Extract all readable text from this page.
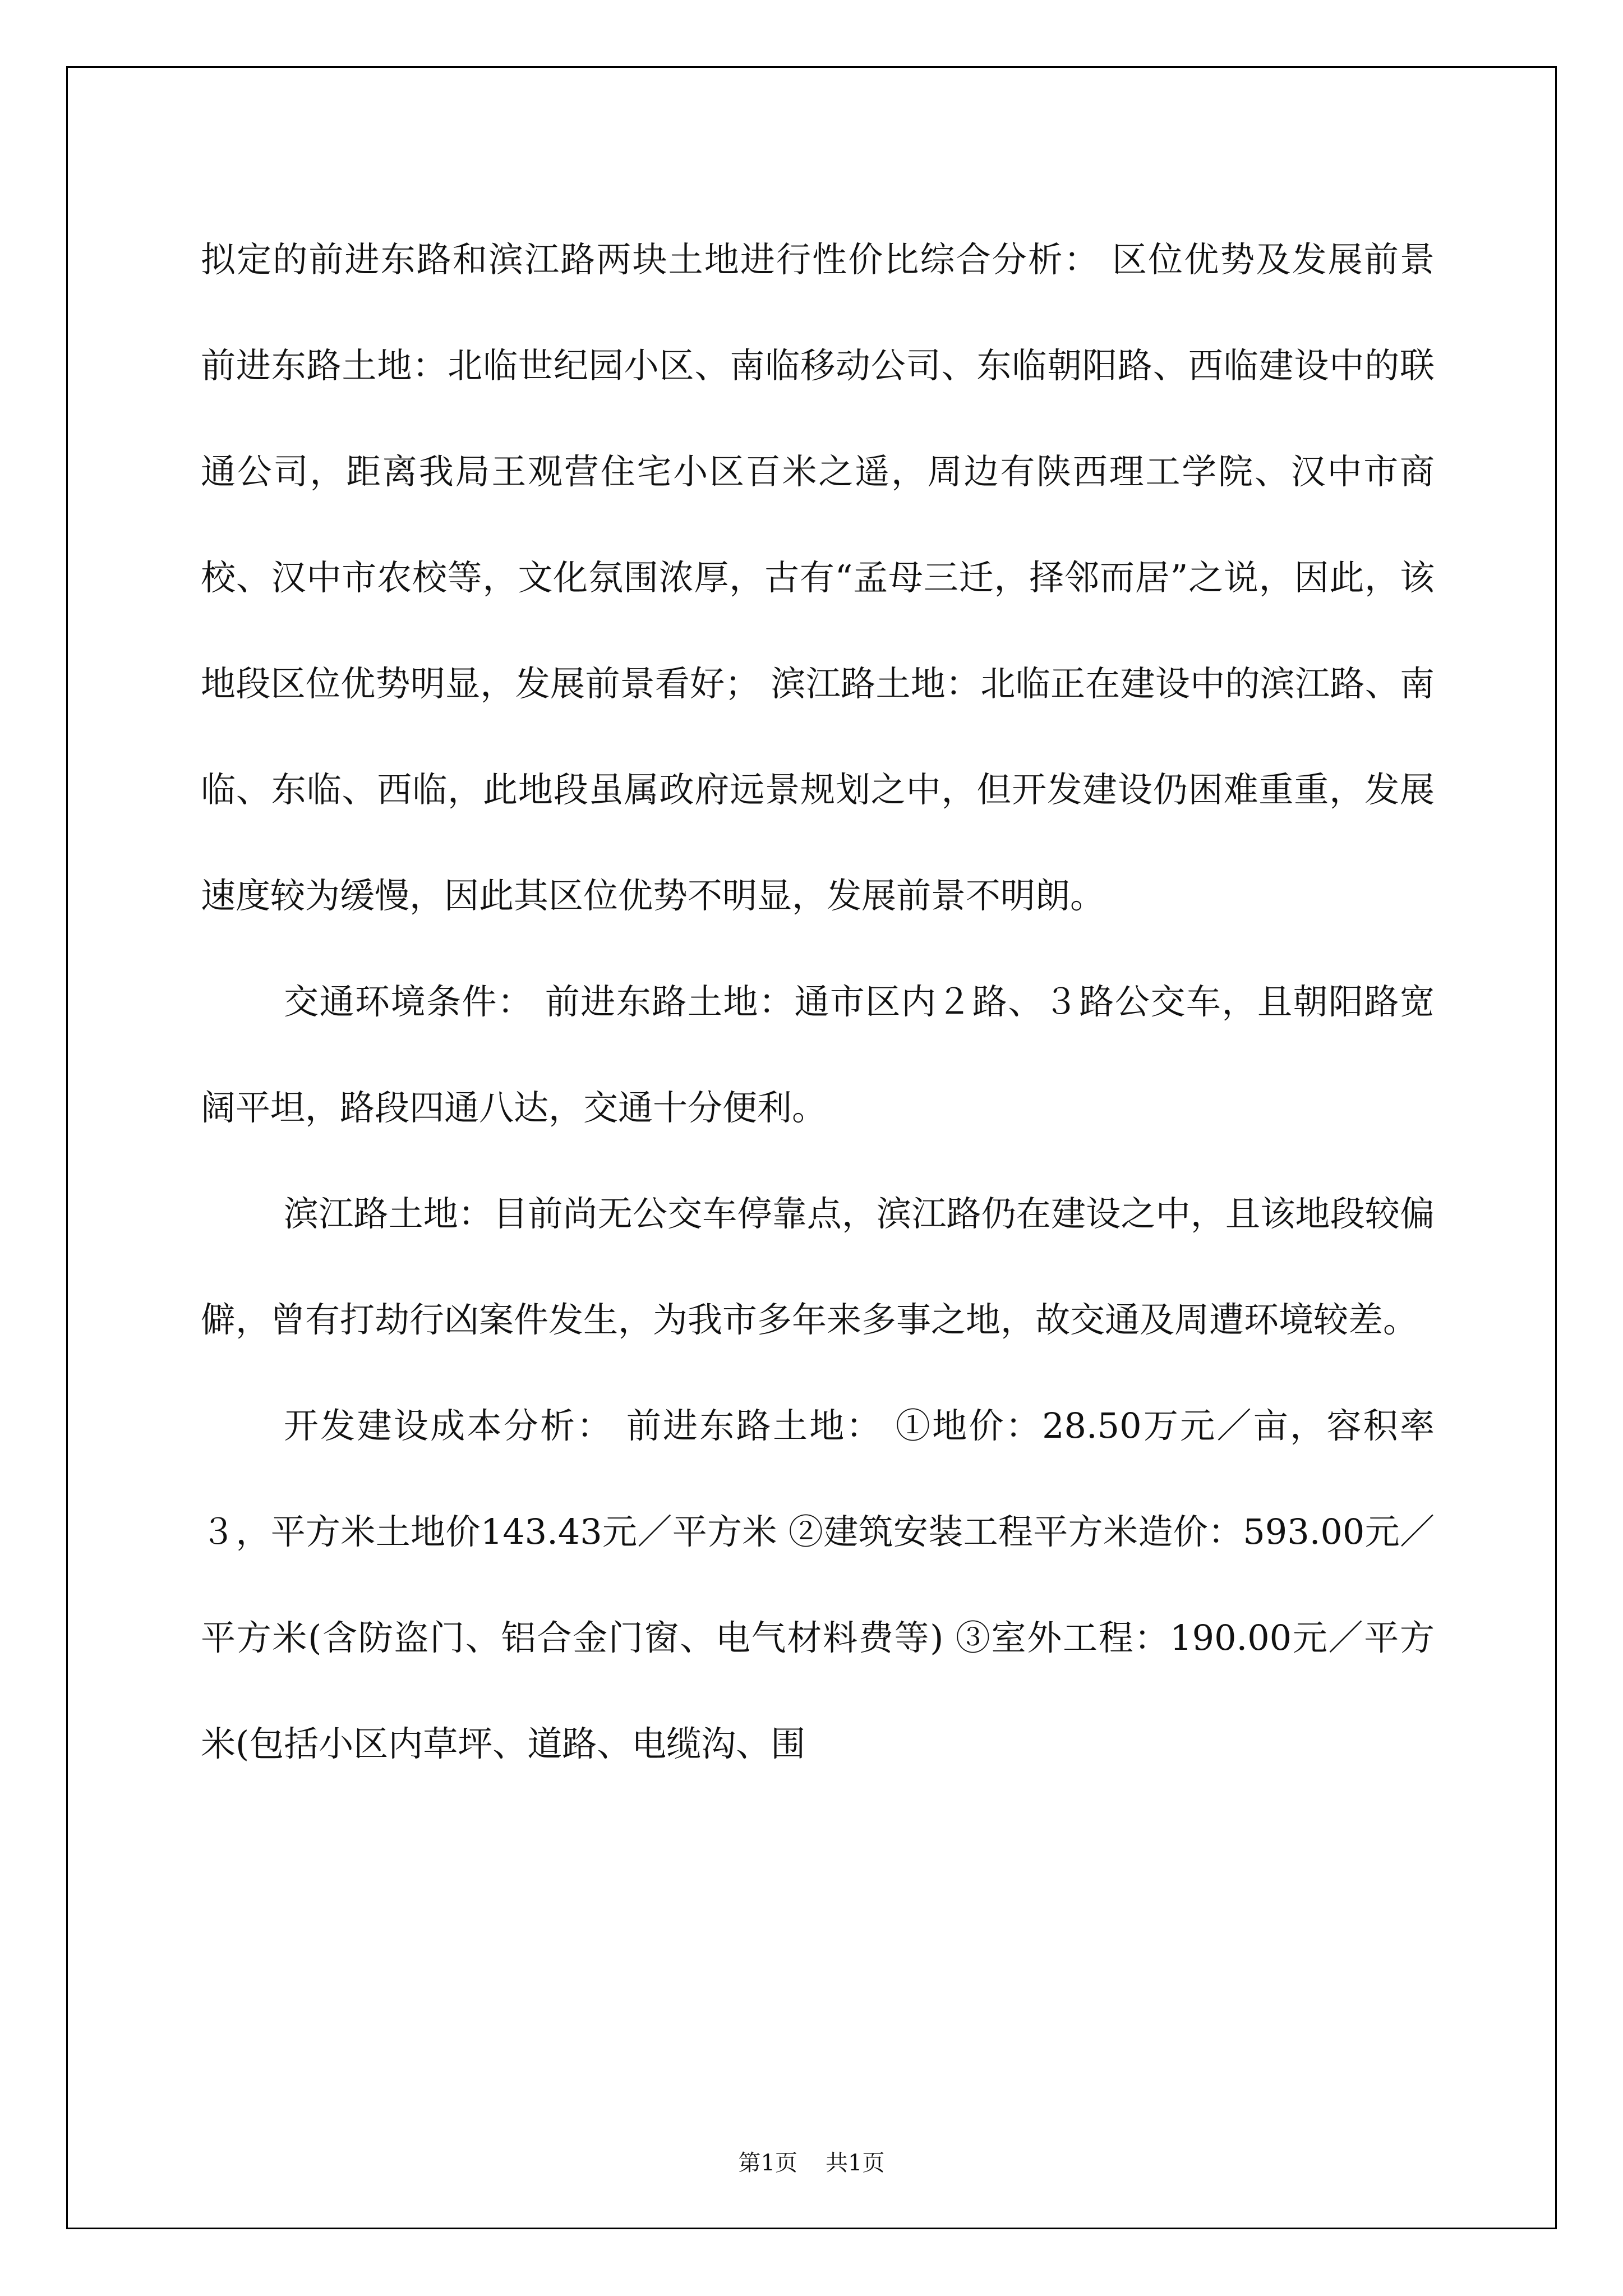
拟定的前进东路和滨江路两块土地进行性价比综合分析： 区位优势及发展前景 前进东路土地：北临世纪园小区、南临移动公司、东临朝阳路、西临建设中的联通公司，距离我局王观营住宅小区百米之遥，周边有陕西理工学院、汉中市商校、汉中市农校等，文化氛围浓厚，古有“孟母三迁，择邻而居”之说，因此，该地段区位优势明显，发展前景看好； 滨江路土地：北临正在建设中的滨江路、南临、东临、西临，此地段虽属政府远景规划之中，但开发建设仍困难重重，发展速度较为缓慢，因此其区位优势不明显，发展前景不明朗。

交通环境条件： 前进东路土地：通市区内２路、３路公交车，且朝阳路宽阔平坦，路段四通八达，交通十分便利。

滨江路土地：目前尚无公交车停靠点，滨江路仍在建设之中，且该地段较偏僻，曾有打劫行凶案件发生，为我市多年来多事之地，故交通及周遭环境较差。

开发建设成本分析： 前进东路土地： ①地价：28.50万元／亩，容积率３，平方米土地价143.43元／平方米 ②建筑安装工程平方米造价：593.00元／平方米(含防盗门、铝合金门窗、电气材料费等) ③室外工程：190.00元／平方米(包括小区内草坪、道路、电缆沟、围

第1页 共1页
